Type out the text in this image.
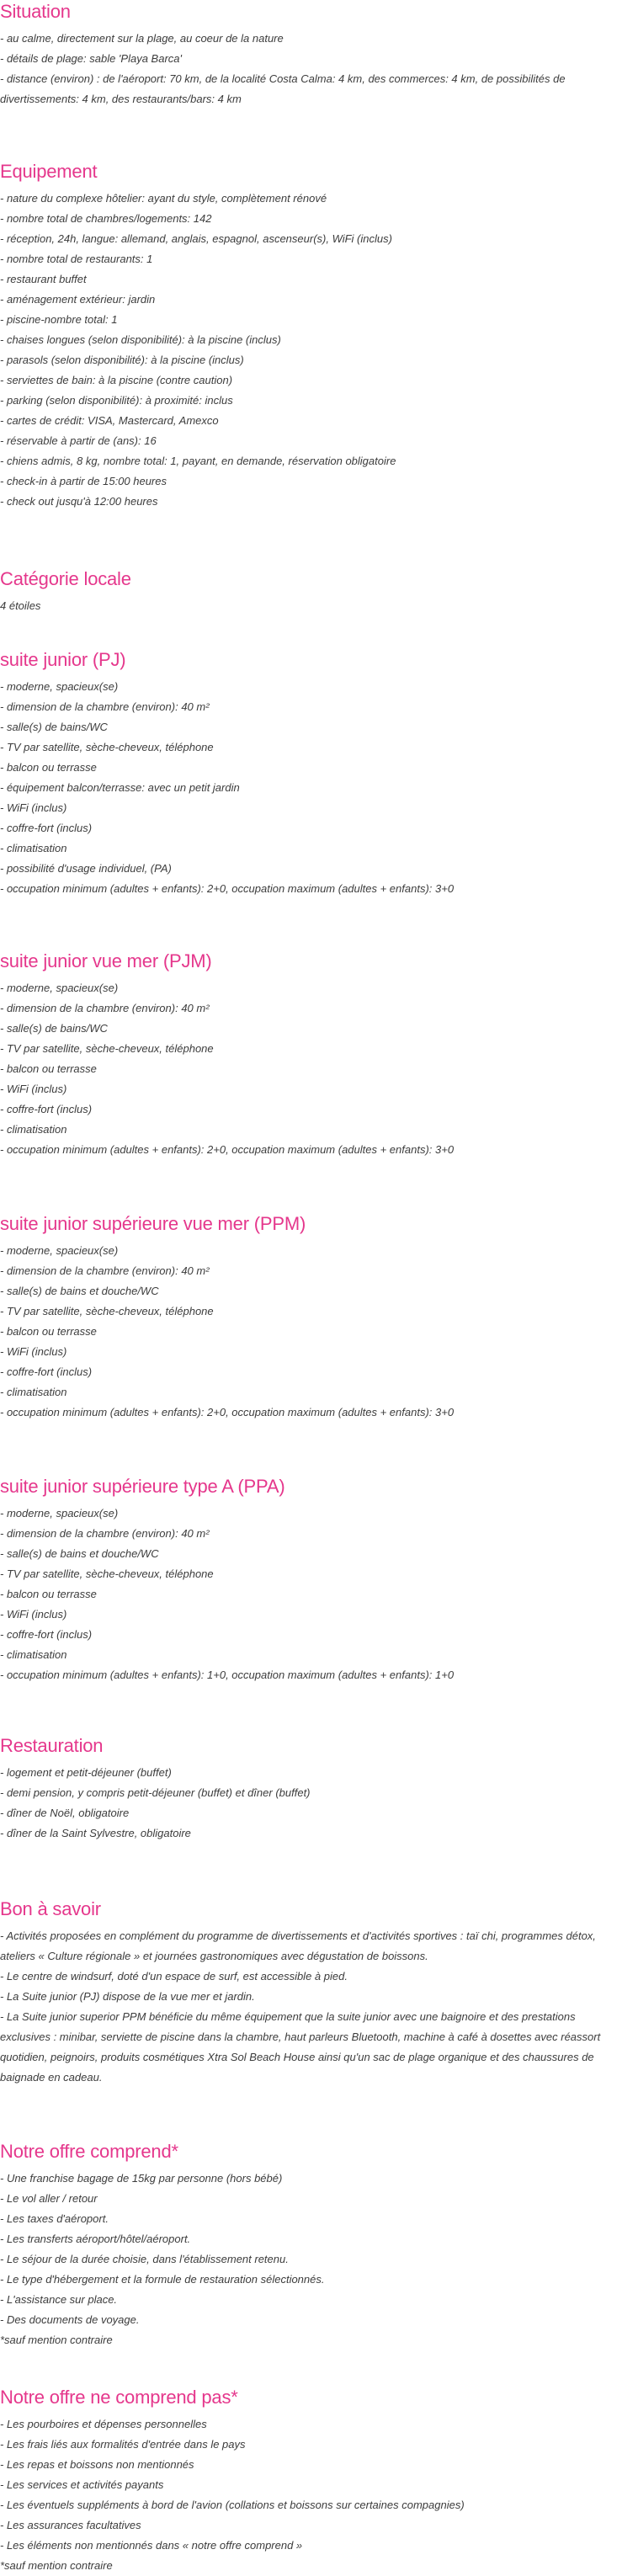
Situation
- au calme, directement sur la plage, au coeur de la nature
- détails de plage: sable 'Playa Barca'

- distance (environ) : de l'aéroport: 70 km, de la localité Costa Calma: 4 km, des commerces: 4 km, de possibilités de divertissements: 4 km, des restaurants/bars: 4 km

Equipement
- nature du complexe hôtelier: ayant du style, complètement rénové
- nombre total de chambres/logements: 142
- réception, 24h, langue: allemand, anglais, espagnol, ascenseur(s), WiFi (inclus)
- nombre total de restaurants: 1
- restaurant buffet
- aménagement extérieur: jardin
- piscine-nombre total: 1
- chaises longues (selon disponibilité): à la piscine (inclus)
- parasols (selon disponibilité): à la piscine (inclus)
- serviettes de bain: à la piscine (contre caution)
- parking (selon disponibilité): à proximité: inclus
- cartes de crédit: VISA, Mastercard, Amexco
- réservable à partir de (ans): 16
- chiens admis, 8 kg, nombre total: 1, payant, en demande, réservation obligatoire
- check-in à partir de 15:00 heures
- check out jusqu'à 12:00 heures
Catégorie locale
4 étoiles
suite junior (PJ)
- moderne, spacieux(se)
- dimension de la chambre (environ): 40 m²
- salle(s) de bains/WC
- TV par satellite, sèche-cheveux, téléphone
- balcon ou terrasse
- équipement balcon/terrasse: avec un petit jardin
- WiFi (inclus)
- coffre-fort (inclus)
- climatisation
- possibilité d'usage individuel, (PA)
- occupation minimum (adultes + enfants): 2+0, occupation maximum (adultes + enfants): 3+0
suite junior vue mer (PJM)
- moderne, spacieux(se)
- dimension de la chambre (environ): 40 m²
- salle(s) de bains/WC
- TV par satellite, sèche-cheveux, téléphone
- balcon ou terrasse
- WiFi (inclus)
- coffre-fort (inclus)
- climatisation
- occupation minimum (adultes + enfants): 2+0, occupation maximum (adultes + enfants): 3+0
suite junior supérieure vue mer (PPM)
- moderne, spacieux(se)
- dimension de la chambre (environ): 40 m²
- salle(s) de bains et douche/WC
- TV par satellite, sèche-cheveux, téléphone
- balcon ou terrasse
- WiFi (inclus)
- coffre-fort (inclus)
- climatisation
- occupation minimum (adultes + enfants): 2+0, occupation maximum (adultes + enfants): 3+0
suite junior supérieure type A (PPA)
- moderne, spacieux(se)
- dimension de la chambre (environ): 40 m²
- salle(s) de bains et douche/WC
- TV par satellite, sèche-cheveux, téléphone
- balcon ou terrasse
- WiFi (inclus)
- coffre-fort (inclus)
- climatisation
- occupation minimum (adultes + enfants): 1+0, occupation maximum (adultes + enfants): 1+0
Restauration
- logement et petit-déjeuner (buffet)
- demi pension, y compris petit-déjeuner (buffet) et dîner (buffet)
- dîner de Noël, obligatoire
- dîner de la Saint Sylvestre, obligatoire
Bon à savoir

- Activités proposées en complément du programme de divertissements et d'activités sportives : taï chi, programmes détox, ateliers « Culture régionale » et journées gastronomiques avec dégustation de boissons.

- Le centre de windsurf, doté d'un espace de surf, est accessible à pied.
- La Suite junior (PJ) dispose de la vue mer et jardin.

- La Suite junior superior PPM bénéficie du même équipement que la suite junior avec une baignoire et des prestations exclusives : minibar, serviette de piscine dans la chambre, haut parleurs Bluetooth, machine à café à dosettes avec réassort quotidien, peignoirs, produits cosmétiques Xtra Sol Beach House ainsi qu'un sac de plage organique et des chaussures de baignade en cadeau.

Notre offre comprend*
- Une franchise bagage de 15kg par personne (hors bébé)
- Le vol aller / retour
- Les taxes d'aéroport.
- Les transferts aéroport/hôtel/aéroport.
- Le séjour de la durée choisie, dans l'établissement retenu.
- Le type d'hébergement et la formule de restauration sélectionnés.
- L'assistance sur place.
- Des documents de voyage.
*sauf mention contraire
Notre offre ne comprend pas*
- Les pourboires et dépenses personnelles
- Les frais liés aux formalités d'entrée dans le pays
- Les repas et boissons non mentionnés
- Les services et activités payants
- Les éventuels suppléments à bord de l'avion (collations et boissons sur certaines compagnies)
- Les assurances facultatives
- Les éléments non mentionnés dans « notre offre comprend »
*sauf mention contraire
